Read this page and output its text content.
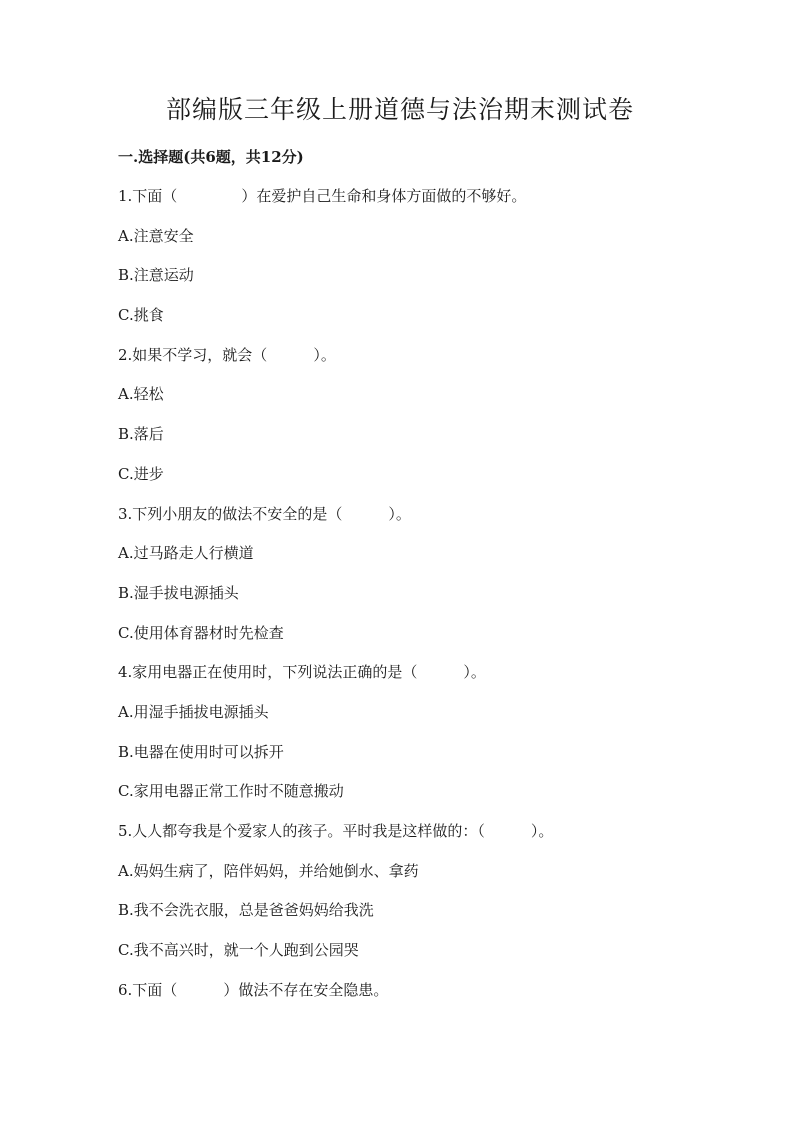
部编版三年级上册道德与法治期末测试卷
一.选择题(共6题，共12分)
1.下面（	）在爱护自己生命和身体方面做的不够好。
A.注意安全
B.注意运动
C.挑食
2.如果不学习，就会（	）。
A.轻松
B.落后
C.进步
3.下列小朋友的做法不安全的是（	）。
A.过马路走人行横道
B.湿手拔电源插头
C.使用体育器材时先检查
4.家用电器正在使用时，下列说法正确的是（	）。
A.用湿手插拔电源插头
B.电器在使用时可以拆开
C.家用电器正常工作时不随意搬动
5.人人都夸我是个爱家人的孩子。平时我是这样做的：（	）。
A.妈妈生病了，陪伴妈妈，并给她倒水、拿药
B.我不会洗衣服，总是爸爸妈妈给我洗
C.我不高兴时，就一个人跑到公园哭
6.下面（	）做法不存在安全隐患。
